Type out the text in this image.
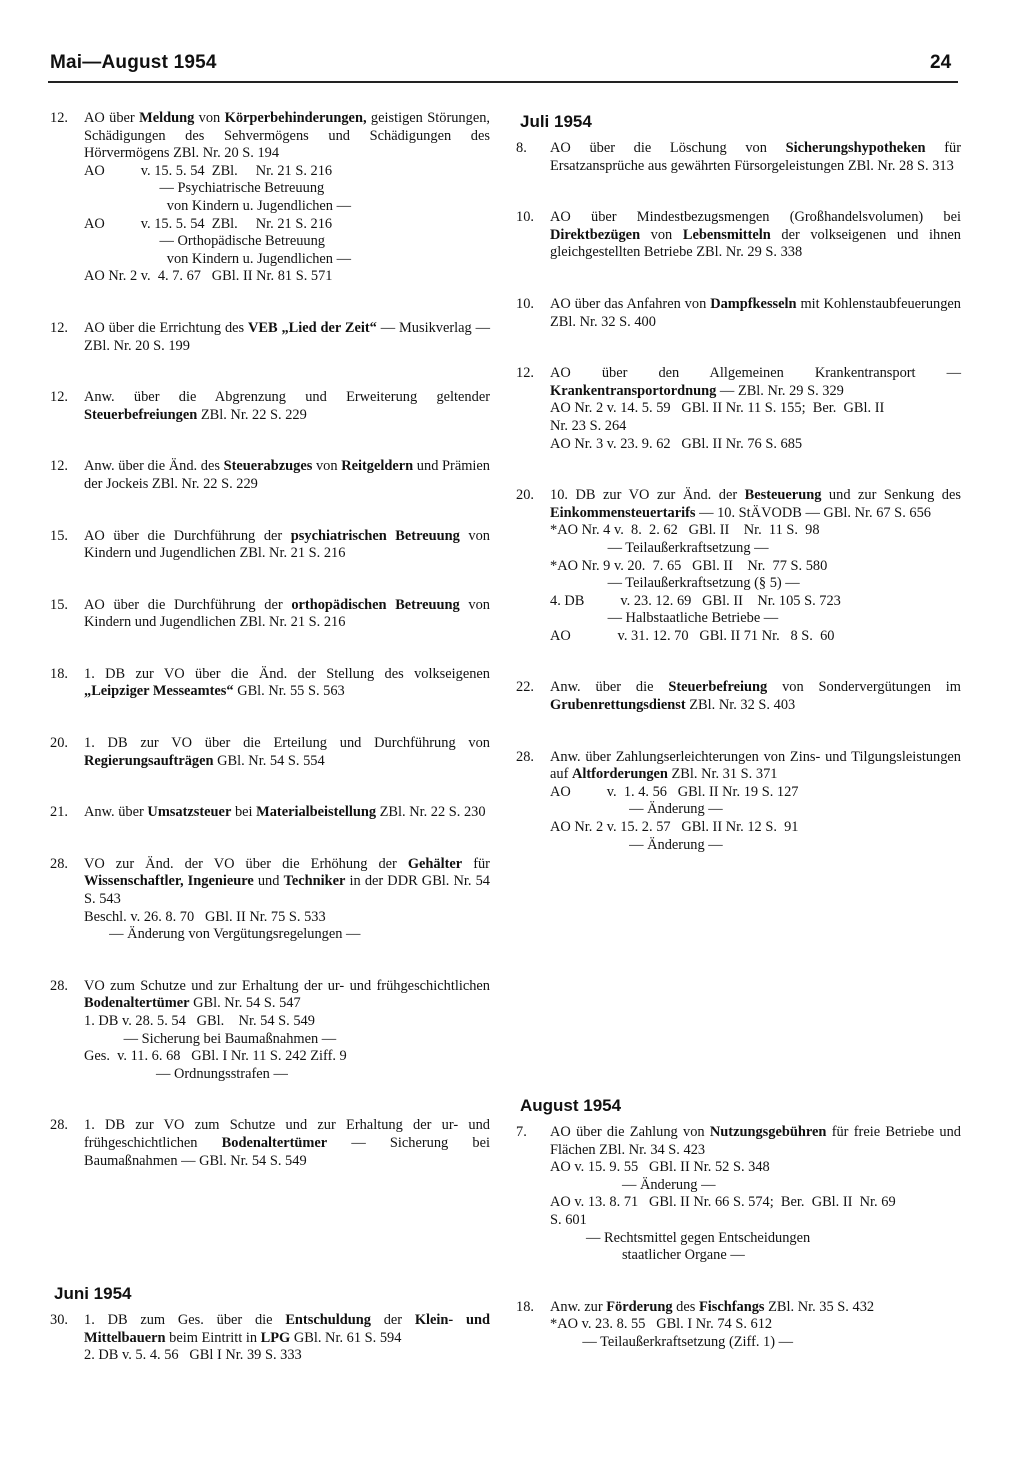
Mai—August 1954	24
12.	AO über Meldung von Körperbehinderungen, geistigen Störungen, Schädigungen des Sehvermögens und Schädigungen des Hörvermögens ZBl. Nr. 20 S. 194
AO          v. 15. 5. 54  ZBl.     Nr. 21 S. 216
— Psychiatrische Betreuung
von Kindern u. Jugendlichen —
AO          v. 15. 5. 54  ZBl.     Nr. 21 S. 216
— Orthopädische Betreuung
von Kindern u. Jugendlichen —
AO Nr. 2 v.  4. 7. 67   GBl. II Nr. 81 S. 571
12.	AO über die Errichtung des VEB „Lied der Zeit“ — Musikverlag — ZBl. Nr. 20 S. 199
12.	Anw. über die Abgrenzung und Erweiterung geltender Steuerbefreiungen ZBl. Nr. 22 S. 229
12.	Anw. über die Änd. des Steuerabzuges von Reitgeldern und Prämien der Jockeis ZBl. Nr. 22 S. 229
15.	AO über die Durchführung der psychiatrischen Betreuung von Kindern und Jugendlichen ZBl. Nr. 21 S. 216
15.	AO über die Durchführung der orthopädischen Betreuung von Kindern und Jugendlichen ZBl. Nr. 21 S. 216
18.	1. DB zur VO über die Änd. der Stellung des volkseigenen „Leipziger Messeamtes“ GBl. Nr. 55 S. 563
20.	1. DB zur VO über die Erteilung und Durchführung von Regierungsaufträgen GBl. Nr. 54 S. 554
21.	Anw. über Umsatzsteuer bei Materialbeistellung ZBl. Nr. 22 S. 230
28.	VO zur Änd. der VO über die Erhöhung der Gehälter für Wissenschaftler, Ingenieure und Techniker in der DDR GBl. Nr. 54 S. 543
Beschl. v. 26. 8. 70   GBl. II Nr. 75 S. 533
— Änderung von Vergütungsregelungen —
28.	VO zum Schutze und zur Erhaltung der ur- und frühgeschichtlichen Bodenaltertümer GBl. Nr. 54 S. 547
1. DB v. 28. 5. 54   GBl.    Nr. 54 S. 549
— Sicherung bei Baumaßnahmen —
Ges.  v. 11. 6. 68   GBl. I Nr. 11 S. 242 Ziff. 9
— Ordnungsstrafen —
28.	1. DB zur VO zum Schutze und zur Erhaltung der ur- und frühgeschichtlichen Bodenaltertümer — Sicherung bei Baumaßnahmen — GBl. Nr. 54 S. 549
Juni 1954
30.	1. DB zum Ges. über die Entschuldung der Klein- und Mittelbauern beim Eintritt in LPG GBl. Nr. 61 S. 594
2. DB v. 5. 4. 56   GBl I Nr. 39 S. 333
Juli 1954
8.	AO über die Löschung von Sicherungshypotheken für Ersatzansprüche aus gewährten Fürsorgeleistungen ZBl. Nr. 28 S. 313
10.	AO über Mindestbezugsmengen (Großhandelsvolumen) bei Direktbezügen von Lebensmitteln der volkseigenen und ihnen gleichgestellten Betriebe ZBl. Nr. 29 S. 338
10.	AO über das Anfahren von Dampfkesseln mit Kohlenstaubfeuerungen ZBl. Nr. 32 S. 400
12.	AO über den Allgemeinen Krankentransport — Krankentransportordnung — ZBl. Nr. 29 S. 329
AO Nr. 2 v. 14. 5. 59   GBl. II Nr. 11 S. 155;  Ber.  GBl. II
Nr. 23 S. 264
AO Nr. 3 v. 23. 9. 62   GBl. II Nr. 76 S. 685
20.	10. DB zur VO zur Änd. der Besteuerung und zur Senkung des Einkommensteuertarifs — 10. StÄVODB — GBl. Nr. 67 S. 656
*AO Nr. 4 v.  8.  2. 62   GBl. II    Nr.  11 S.  98
— Teilaußerkraftsetzung —
*AO Nr. 9 v. 20.  7. 65   GBl. II    Nr.  77 S. 580
— Teilaußerkraftsetzung (§ 5) —
4. DB          v. 23. 12. 69   GBl. II    Nr. 105 S. 723
— Halbstaatliche Betriebe —
AO             v. 31. 12. 70   GBl. II 71 Nr.   8 S.  60
22.	Anw. über die Steuerbefreiung von Sondervergütungen im Grubenrettungsdienst ZBl. Nr. 32 S. 403
28.	Anw. über Zahlungserleichterungen von Zins- und Tilgungsleistungen auf Altforderungen ZBl. Nr. 31 S. 371
AO          v.  1. 4. 56   GBl. II Nr. 19 S. 127
— Änderung —
AO Nr. 2 v. 15. 2. 57   GBl. II Nr. 12 S.  91
— Änderung —
August 1954
7.	AO über die Zahlung von Nutzungsgebühren für freie Betriebe und Flächen ZBl. Nr. 34 S. 423
AO v. 15. 9. 55   GBl. II Nr. 52 S. 348
— Änderung —
AO v. 13. 8. 71   GBl. II Nr. 66 S. 574;  Ber.  GBl. II  Nr. 69
S. 601
— Rechtsmittel gegen Entscheidungen
staatlicher Organe —
18.	Anw. zur Förderung des Fischfangs ZBl. Nr. 35 S. 432
*AO v. 23. 8. 55   GBl. I Nr. 74 S. 612
— Teilaußerkraftsetzung (Ziff. 1) —
